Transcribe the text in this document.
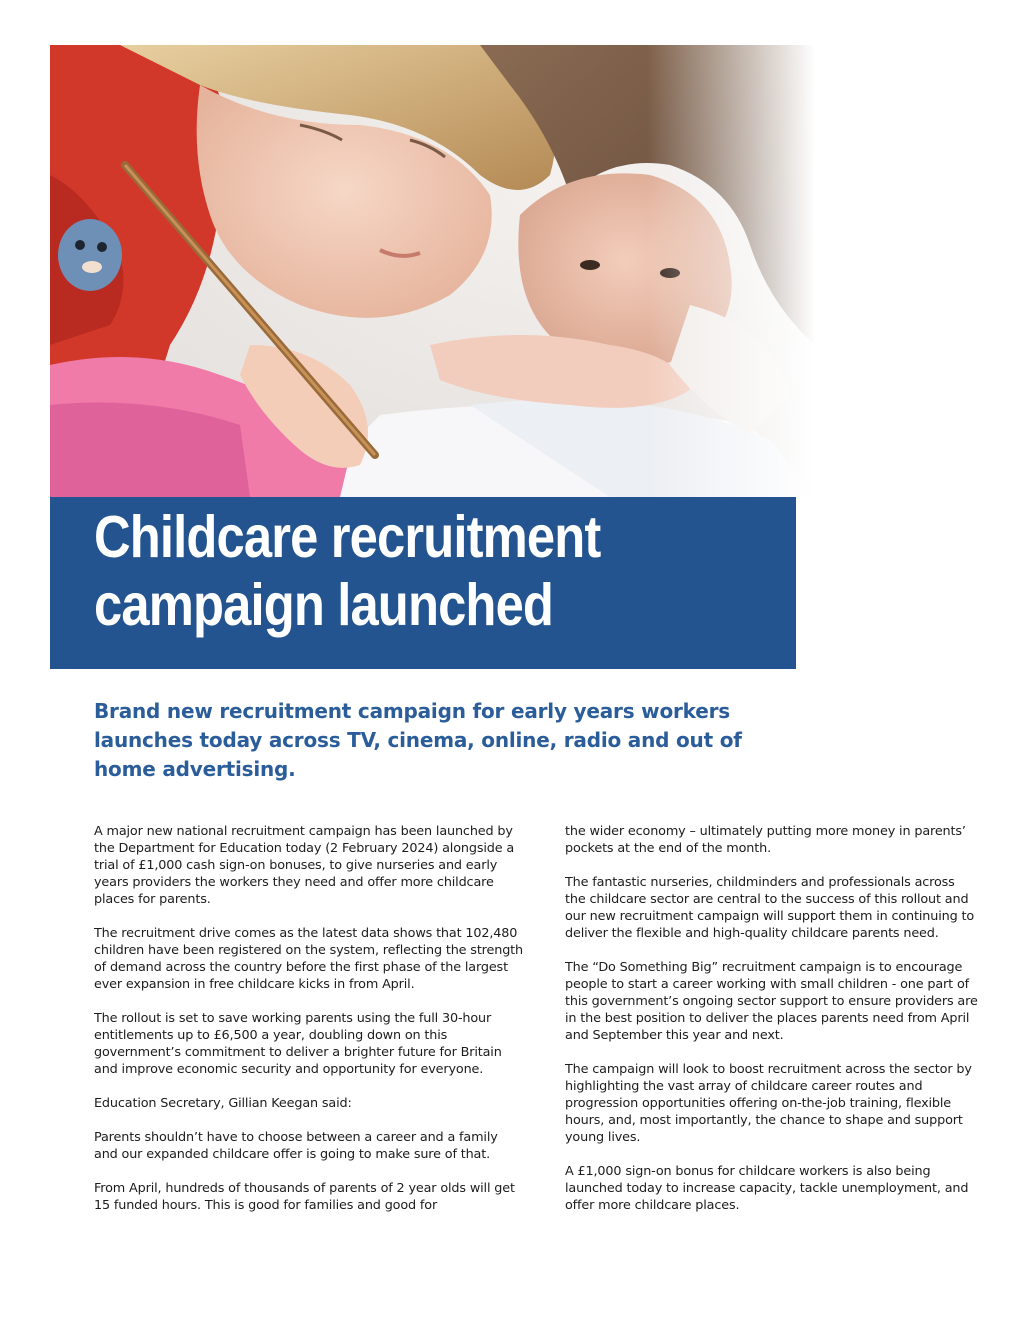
Childcare recruitment
campaign launched

Brand new recruitment campaign for early years workers launches today across TV, cinema, online, radio and out of home advertising.

A major new national recruitment campaign has been launched by the Department for Education today (2 February 2024) alongside a trial of £1,000 cash sign-on bonuses, to give nurseries and early years providers the workers they need and offer more childcare places for parents.

The recruitment drive comes as the latest data shows that 102,480 children have been registered on the system, reflecting the strength of demand across the country before the first phase of the largest ever expansion in free childcare kicks in from April.

The rollout is set to save working parents using the full 30-hour entitlements up to £6,500 a year, doubling down on this government’s commitment to deliver a brighter future for Britain and improve economic security and opportunity for everyone.

Education Secretary, Gillian Keegan said:

Parents shouldn’t have to choose between a career and a family and our expanded childcare offer is going to make sure of that.

From April, hundreds of thousands of parents of 2 year olds will get 15 funded hours. This is good for families and good for

the wider economy – ultimately putting more money in parents’ pockets at the end of the month.

The fantastic nurseries, childminders and professionals across the childcare sector are central to the success of this rollout and our new recruitment campaign will support them in continuing to deliver the flexible and high-quality childcare parents need.

The “Do Something Big” recruitment campaign is to encourage people to start a career working with small children - one part of this government’s ongoing sector support to ensure providers are in the best position to deliver the places parents need from April and September this year and next.

The campaign will look to boost recruitment across the sector by highlighting the vast array of childcare career routes and progression opportunities offering on-the-job training, flexible hours, and, most importantly, the chance to shape and support young lives.

A £1,000 sign-on bonus for childcare workers is also being launched today to increase capacity, tackle unemployment, and offer more childcare places.
